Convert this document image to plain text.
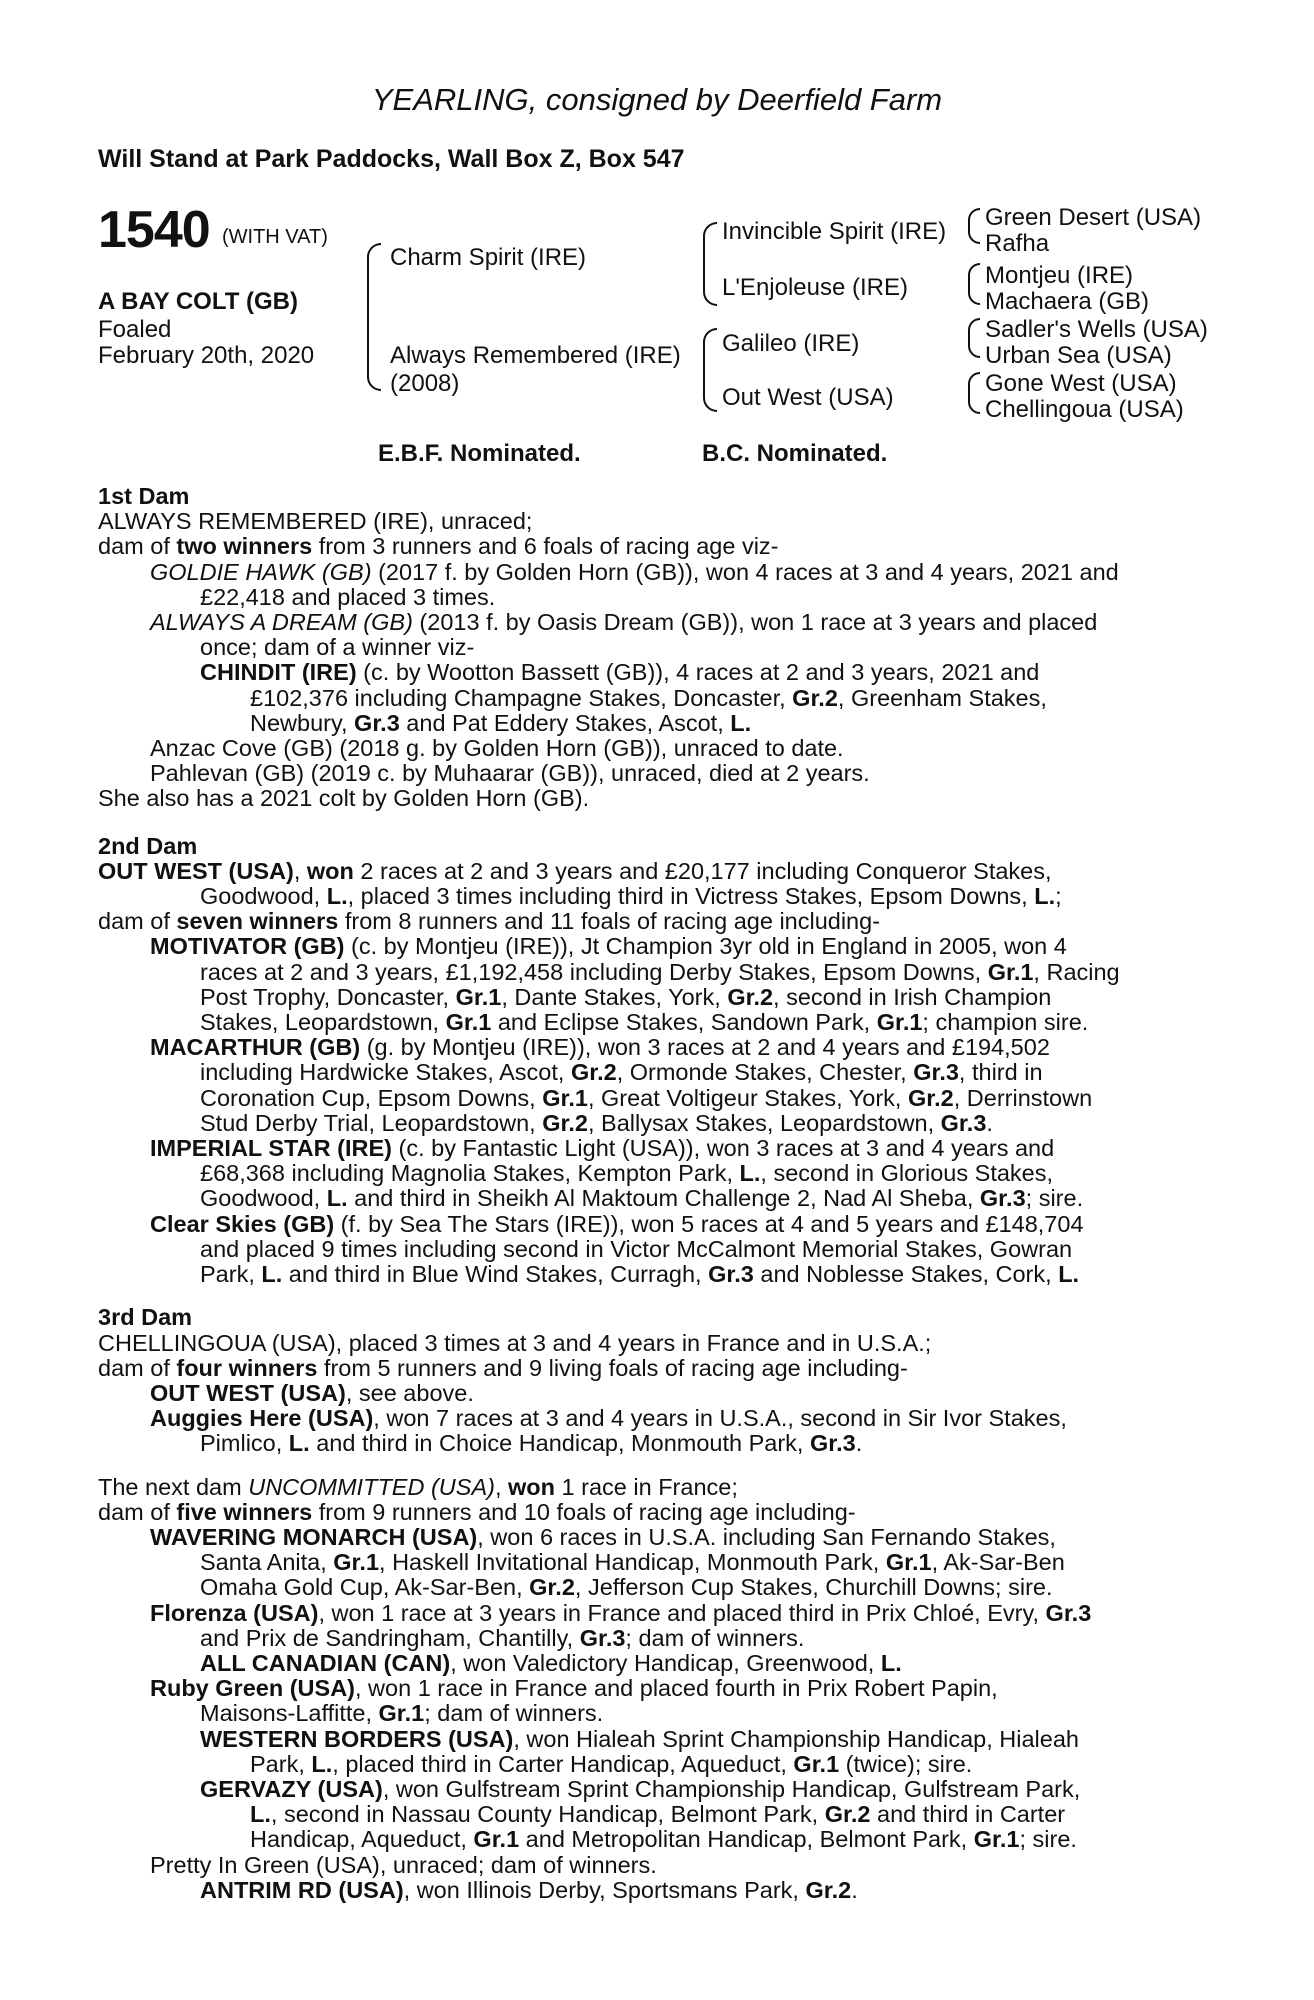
YEARLING, consigned by Deerfield Farm
Will Stand at Park Paddocks, Wall Box Z, Box 547
1540 (WITH VAT)
A BAY COLT (GB)
Foaled
February 20th, 2020
Charm Spirit (IRE)
Always Remembered (IRE)
(2008)
Invincible Spirit (IRE)
L'Enjoleuse (IRE)
Galileo (IRE)
Out West (USA)
Green Desert (USA)
Rafha
Montjeu (IRE)
Machaera (GB)
Sadler's Wells (USA)
Urban Sea (USA)
Gone West (USA)
Chellingoua (USA)
E.B.F. Nominated.	B.C. Nominated.
1st Dam
ALWAYS REMEMBERED (IRE), unraced;
dam of two winners from 3 runners and 6 foals of racing age viz-
GOLDIE HAWK (GB) (2017 f. by Golden Horn (GB)), won 4 races at 3 and 4 years, 2021 and
£22,418 and placed 3 times.
ALWAYS A DREAM (GB) (2013 f. by Oasis Dream (GB)), won 1 race at 3 years and placed
once; dam of a winner viz-
CHINDIT (IRE) (c. by Wootton Bassett (GB)), 4 races at 2 and 3 years, 2021 and
£102,376 including Champagne Stakes, Doncaster, Gr.2, Greenham Stakes,
Newbury, Gr.3 and Pat Eddery Stakes, Ascot, L.
Anzac Cove (GB) (2018 g. by Golden Horn (GB)), unraced to date.
Pahlevan (GB) (2019 c. by Muhaarar (GB)), unraced, died at 2 years.
She also has a 2021 colt by Golden Horn (GB).
2nd Dam
OUT WEST (USA), won 2 races at 2 and 3 years and £20,177 including Conqueror Stakes,
Goodwood, L., placed 3 times including third in Victress Stakes, Epsom Downs, L.;
dam of seven winners from 8 runners and 11 foals of racing age including-
MOTIVATOR (GB) (c. by Montjeu (IRE)), Jt Champion 3yr old in England in 2005, won 4
races at 2 and 3 years, £1,192,458 including Derby Stakes, Epsom Downs, Gr.1, Racing
Post Trophy, Doncaster, Gr.1, Dante Stakes, York, Gr.2, second in Irish Champion
Stakes, Leopardstown, Gr.1 and Eclipse Stakes, Sandown Park, Gr.1; champion sire.
MACARTHUR (GB) (g. by Montjeu (IRE)), won 3 races at 2 and 4 years and £194,502
including Hardwicke Stakes, Ascot, Gr.2, Ormonde Stakes, Chester, Gr.3, third in
Coronation Cup, Epsom Downs, Gr.1, Great Voltigeur Stakes, York, Gr.2, Derrinstown
Stud Derby Trial, Leopardstown, Gr.2, Ballysax Stakes, Leopardstown, Gr.3.
IMPERIAL STAR (IRE) (c. by Fantastic Light (USA)), won 3 races at 3 and 4 years and
£68,368 including Magnolia Stakes, Kempton Park, L., second in Glorious Stakes,
Goodwood, L. and third in Sheikh Al Maktoum Challenge 2, Nad Al Sheba, Gr.3; sire.
Clear Skies (GB) (f. by Sea The Stars (IRE)), won 5 races at 4 and 5 years and £148,704
and placed 9 times including second in Victor McCalmont Memorial Stakes, Gowran
Park, L. and third in Blue Wind Stakes, Curragh, Gr.3 and Noblesse Stakes, Cork, L.
3rd Dam
CHELLINGOUA (USA), placed 3 times at 3 and 4 years in France and in U.S.A.;
dam of four winners from 5 runners and 9 living foals of racing age including-
OUT WEST (USA), see above.
Auggies Here (USA), won 7 races at 3 and 4 years in U.S.A., second in Sir Ivor Stakes,
Pimlico, L. and third in Choice Handicap, Monmouth Park, Gr.3.
The next dam UNCOMMITTED (USA), won 1 race in France;
dam of five winners from 9 runners and 10 foals of racing age including-
WAVERING MONARCH (USA), won 6 races in U.S.A. including San Fernando Stakes,
Santa Anita, Gr.1, Haskell Invitational Handicap, Monmouth Park, Gr.1, Ak-Sar-Ben
Omaha Gold Cup, Ak-Sar-Ben, Gr.2, Jefferson Cup Stakes, Churchill Downs; sire.
Florenza (USA), won 1 race at 3 years in France and placed third in Prix Chloé, Evry, Gr.3
and Prix de Sandringham, Chantilly, Gr.3; dam of winners.
ALL CANADIAN (CAN), won Valedictory Handicap, Greenwood, L.
Ruby Green (USA), won 1 race in France and placed fourth in Prix Robert Papin,
Maisons-Laffitte, Gr.1; dam of winners.
WESTERN BORDERS (USA), won Hialeah Sprint Championship Handicap, Hialeah
Park, L., placed third in Carter Handicap, Aqueduct, Gr.1 (twice); sire.
GERVAZY (USA), won Gulfstream Sprint Championship Handicap, Gulfstream Park,
L., second in Nassau County Handicap, Belmont Park, Gr.2 and third in Carter
Handicap, Aqueduct, Gr.1 and Metropolitan Handicap, Belmont Park, Gr.1; sire.
Pretty In Green (USA), unraced; dam of winners.
ANTRIM RD (USA), won Illinois Derby, Sportsmans Park, Gr.2.
